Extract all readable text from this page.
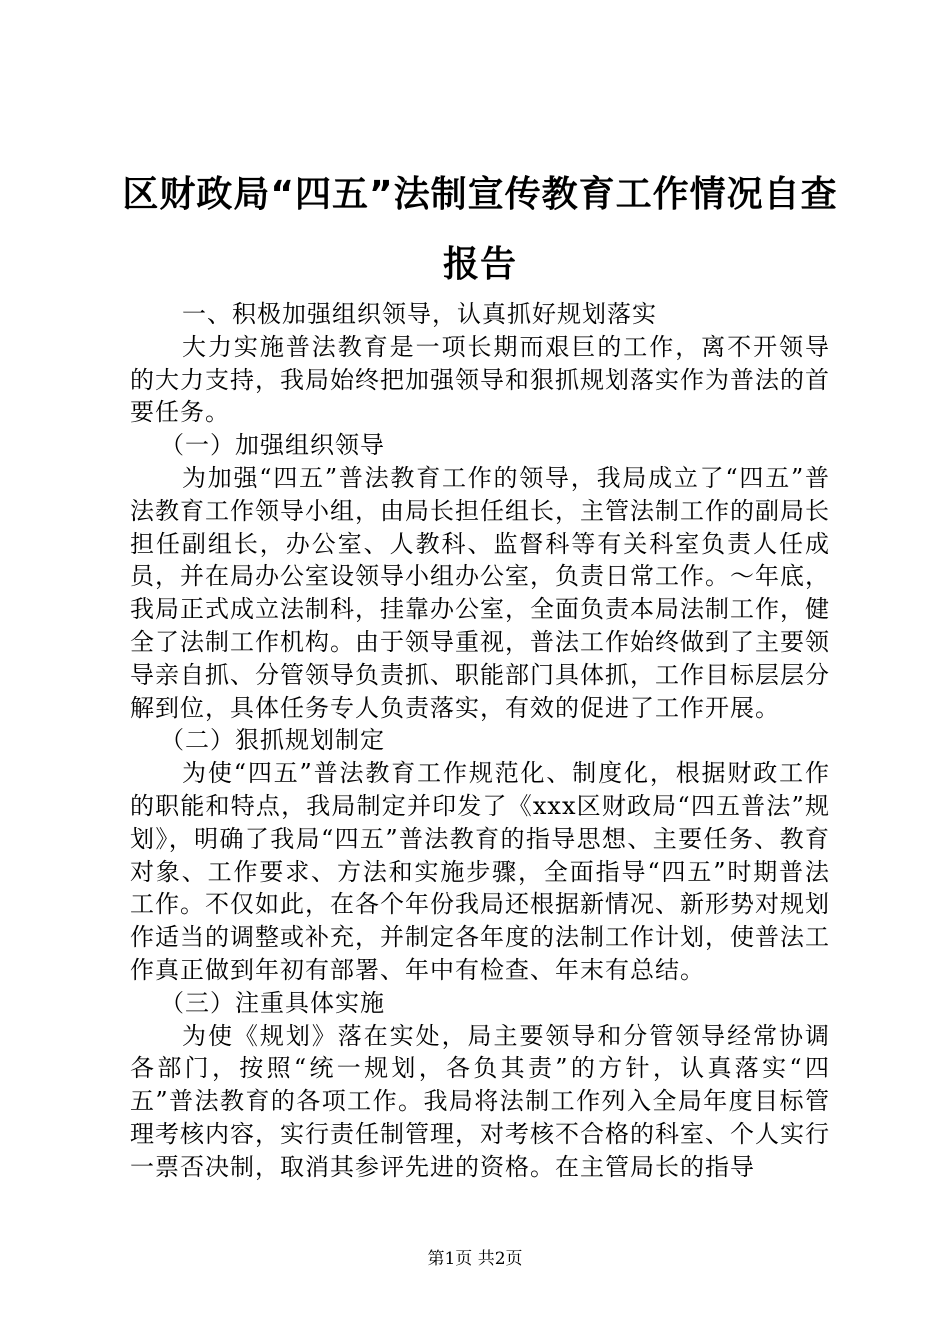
区财政局“四五”法制宣传教育工作情况自查报告

一、积极加强组织领导，认真抓好规划落实

大力实施普法教育是一项长期而艰巨的工作，离不开领导的大力支持，我局始终把加强领导和狠抓规划落实作为普法的首要任务。

（一）加强组织领导

为加强“四五”普法教育工作的领导，我局成立了“四五”普法教育工作领导小组，由局长担任组长，主管法制工作的副局长担任副组长，办公室、人教科、监督科等有关科室负责人任成员，并在局办公室设领导小组办公室，负责日常工作。～年底，我局正式成立法制科，挂靠办公室，全面负责本局法制工作，健全了法制工作机构。由于领导重视，普法工作始终做到了主要领导亲自抓、分管领导负责抓、职能部门具体抓，工作目标层层分解到位，具体任务专人负责落实，有效的促进了工作开展。

（二）狠抓规划制定

为使“四五”普法教育工作规范化、制度化，根据财政工作的职能和特点，我局制定并印发了《xxx区财政局“四五普法”规划》，明确了我局“四五”普法教育的指导思想、主要任务、教育对象、工作要求、方法和实施步骤，全面指导“四五”时期普法工作。不仅如此，在各个年份我局还根据新情况、新形势对规划作适当的调整或补充，并制定各年度的法制工作计划，使普法工作真正做到年初有部署、年中有检查、年末有总结。

（三）注重具体实施

为使《规划》落在实处，局主要领导和分管领导经常协调各部门，按照“统一规划，各负其责”的方针，认真落实“四五”普法教育的各项工作。我局将法制工作列入全局年度目标管理考核内容，实行责任制管理，对考核不合格的科室、个人实行一票否决制，取消其参评先进的资格。在主管局长的指导

第1页 共2页
